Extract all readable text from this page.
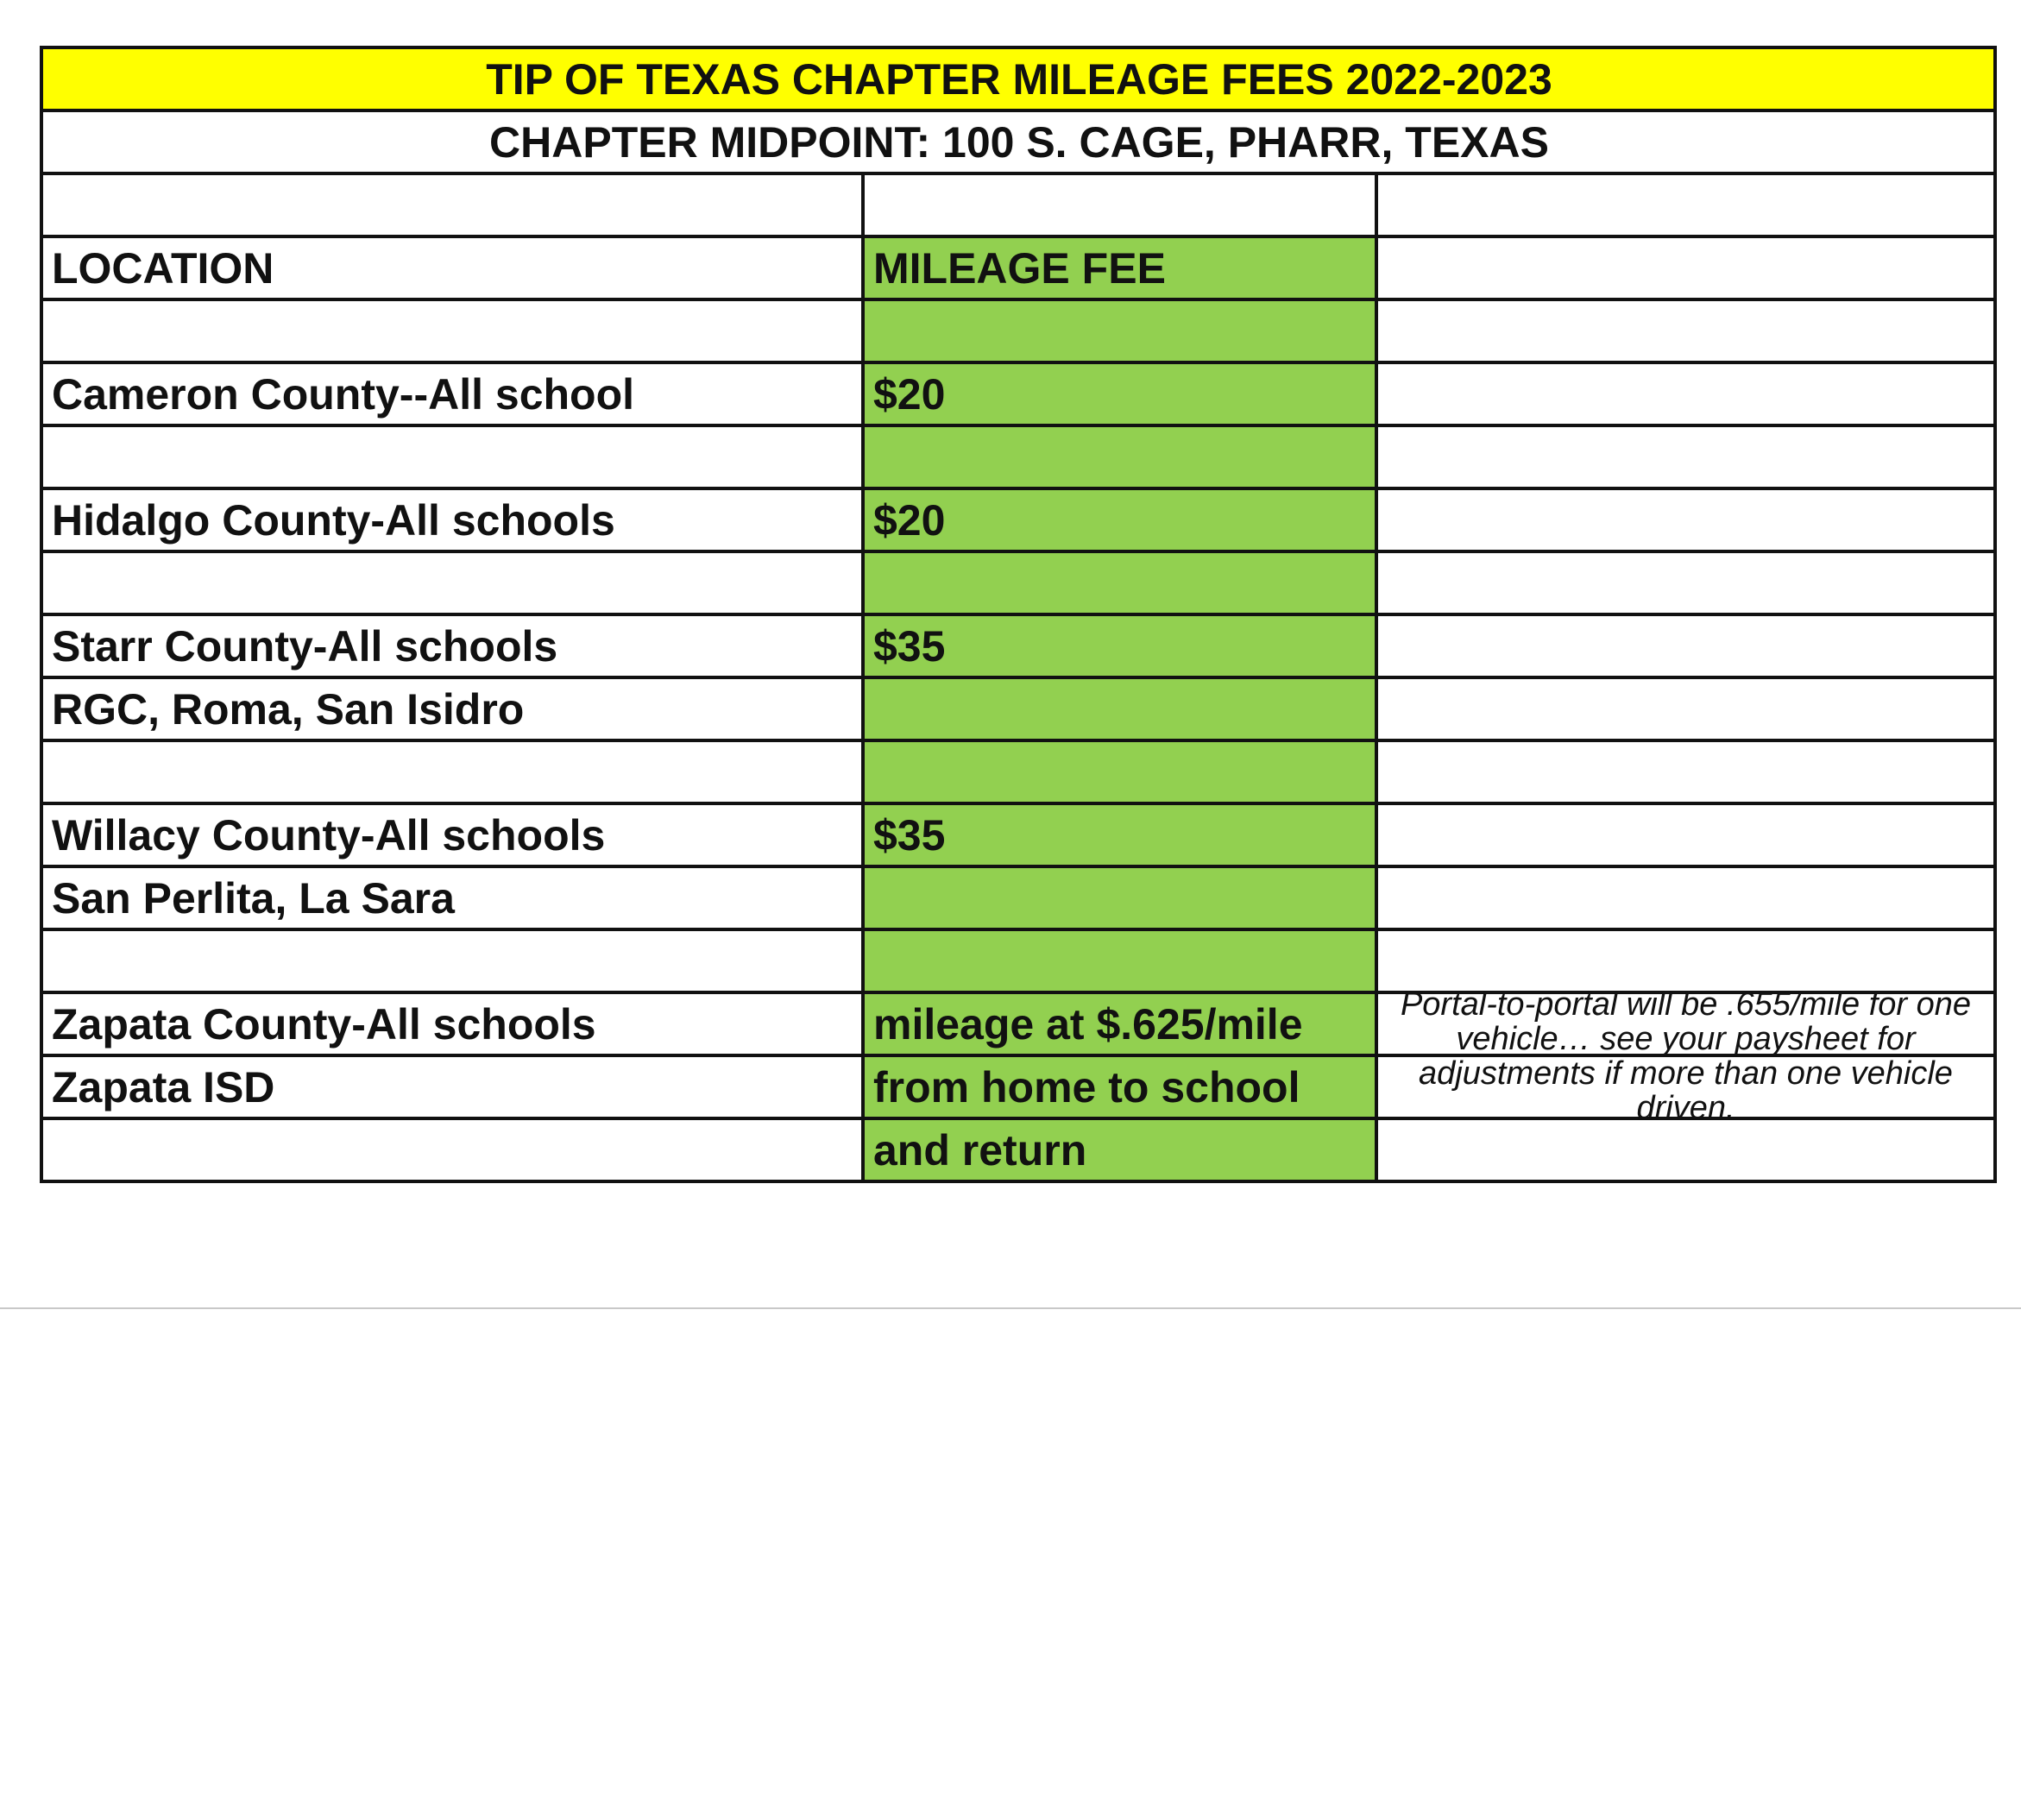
TIP OF TEXAS CHAPTER MILEAGE FEES 2022-2023		
CHAPTER MIDPOINT: 100 S. CAGE, PHARR, TEXAS		

LOCATION	MILEAGE FEE	

Cameron County--All school	$20	

Hidalgo County-All schools	$20	

Starr County-All schools	$35	
RGC, Roma, San Isidro		

Willacy County-All schools	$35	
San Perlita, La Sara		

Zapata County-All schools	mileage at $.625/mile	Portal-to-portal will be .655/mile for one vehicle… see your paysheet for adjustments if more than one vehicle driven.

Zapata ISD	from home to school	
	and return	
